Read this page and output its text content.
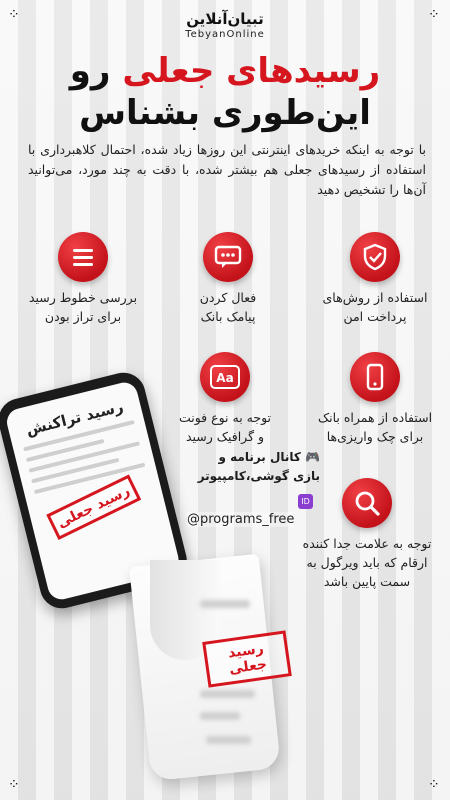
⁘	⁘
⁘	⁘
تبیان‌آنلاین
TebyanOnline
رسیدهای جعلی رو
این‌طوری بشناس

با توجه به اینکه خریدهای اینترنتی این روزها زیاد شده، احتمال کلاهبرداری با استفاده از رسیدهای جعلی هم بیشتر شده، با دقت به چند مورد، می‌توانید آن‌ها را تشخیص دهید

استفاده از روش‌های
پرداخت امن
فعال کردن
پیامک بانک
بررسی خطوط رسید
برای تراز بودن
استفاده از همراه بانک
برای چک واریزی‌ها
Aa
توجه به نوع فونت
و گرافیک رسید
توجه به علامت جدا کننده
ارقام که باید ویرگول به
سمت پایین باشد
رسید تراکنش
رسید جعلی
رسید جعلی
🎮 کانال برنامه و
بازی گوشی،کامپیوتر
ID
@programs_free
